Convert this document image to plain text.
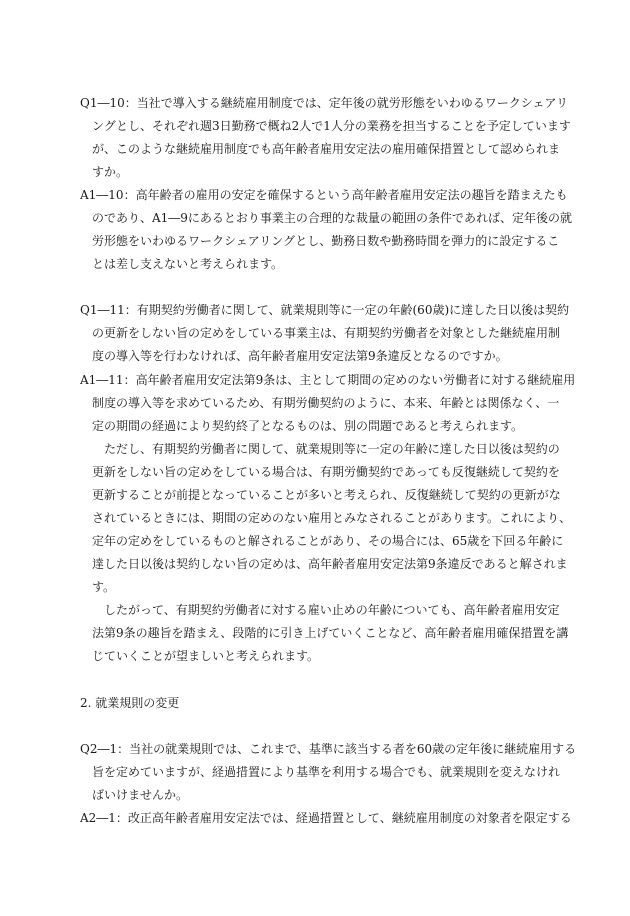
Q1―10：当社で導入する継続雇用制度では、定年後の就労形態をいわゆるワークシェアリ
ングとし、それぞれ週3日勤務で概ね2人で1人分の業務を担当することを予定しています
が、このような継続雇用制度でも高年齢者雇用安定法の雇用確保措置として認められま
すか。
A1―10：高年齢者の雇用の安定を確保するという高年齢者雇用安定法の趣旨を踏まえたも
のであり、A1―9にあるとおり事業主の合理的な裁量の範囲の条件であれば、定年後の就
労形態をいわゆるワークシェアリングとし、勤務日数や勤務時間を弾力的に設定するこ
とは差し支えないと考えられます。
Q1―11：有期契約労働者に関して、就業規則等に一定の年齢(60歳)に達した日以後は契約
の更新をしない旨の定めをしている事業主は、有期契約労働者を対象とした継続雇用制
度の導入等を行わなければ、高年齢者雇用安定法第9条違反となるのですか。
A1―11：高年齢者雇用安定法第9条は、主として期間の定めのない労働者に対する継続雇用
制度の導入等を求めているため、有期労働契約のように、本来、年齢とは関係なく、一
定の期間の経過により契約終了となるものは、別の問題であると考えられます。
　ただし、有期契約労働者に関して、就業規則等に一定の年齢に達した日以後は契約の
更新をしない旨の定めをしている場合は、有期労働契約であっても反復継続して契約を
更新することが前提となっていることが多いと考えられ、反復継続して契約の更新がな
されているときには、期間の定めのない雇用とみなされることがあります。これにより、
定年の定めをしているものと解されることがあり、その場合には、65歳を下回る年齢に
達した日以後は契約しない旨の定めは、高年齢者雇用安定法第9条違反であると解されま
す。
　したがって、有期契約労働者に対する雇い止めの年齢についても、高年齢者雇用安定
法第9条の趣旨を踏まえ、段階的に引き上げていくことなど、高年齢者雇用確保措置を講
じていくことが望ましいと考えられます。
2. 就業規則の変更
Q2―1：当社の就業規則では、これまで、基準に該当する者を60歳の定年後に継続雇用する
旨を定めていますが、経過措置により基準を利用する場合でも、就業規則を変えなけれ
ばいけませんか。
A2―1：改正高年齢者雇用安定法では、経過措置として、継続雇用制度の対象者を限定する
